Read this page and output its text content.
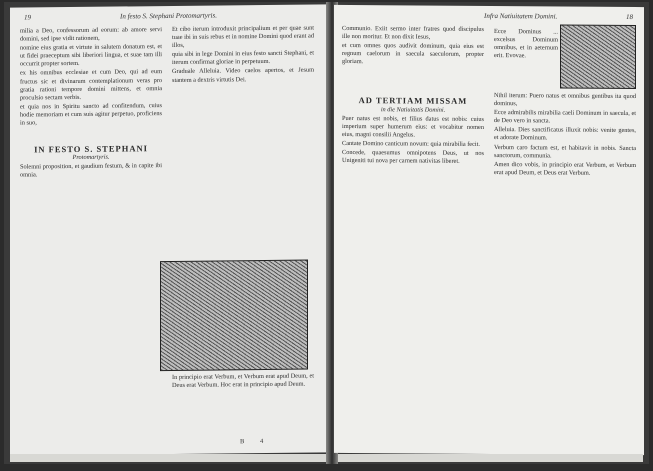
19	In festo S. Stephani Protomartyris.

milia a Deo, confessorum ad eorum: ab amore servi domini, sed ipse vidit rationem,

nomine eius gratia et virtute in salutem donatum est, et ut fidei praeceptum sibi liberiori lingua, et suae tam illi occurrit propter sortem.

ex his omnibus ecclesiae et cum Deo, qui ad eum fructus sic et divinarum contemplationum veras pro gratia rationi tempore domini mittens, et omnia proculsio sectam verbis.

et quia nos in Spiritu sancto ad confitendum, cuius hodie memoriam et cum suis agitur perpetuo, proficiens in suo,

IN FESTO S. STEPHANI
Protomartyris.

Solemni proposition, et gaudium festum, & in capite ibi omnia.

Et cibo iterum introduxit principalium et per quae sunt tuae ibi in suis rebus et in nomine Domini quod erant ad illos,

quia sibi in lege Domini in eius festo sancti Stephani, et iterum confirmat gloriae in perpetuum.

Graduale Alleluia. Video caelos apertos, et Jesum stantem a dextris virtutis Dei.

In principio erat Verbum, et Verbum erat apud Deum, et Deus erat Verbum. Hoc erat in principio apud Deum.

B 4
Infra Natiuitatem Domini.	18

Communio. Exiit sermo inter fratres quod discipulus ille non moritur. Et non dixit Iesus,

et cum omnes quos audivit dominum, quia eius est regnum caelorum in saecula saeculorum, propter gloriam.

AD TERTIAM MISSAM
in die Natiuitatis Domini.

Puer natus est nobis, et filius datus est nobis: cuius imperium super humerum eius: et vocabitur nomen eius, magni consilii Angelus.

Cantate Domino canticum novum: quia mirabilia fecit.

Concede, quaesumus omnipotens Deus, ut nos Unigeniti tui nova per carnem nativitas liberet.

Ecce Dominus ... excelsus Dominum omnibus, et in aeternum erit. Evovae.

Nihil iterum: Puero natus et omnibus gentibus ita quod dominus,

Ecce admirabilis mirabilia caeli Dominum in saecula, et de Deo vero in sancta.

Alleluia. Dies sanctificatus illuxit nobis: venite gentes, et adorate Dominum.

Verbum caro factum est, et habitavit in nobis. Sancta sanctorum, communia.

Amen dico vobis, in principio erat Verbum, et Verbum erat apud Deum, et Deus erat Verbum.
